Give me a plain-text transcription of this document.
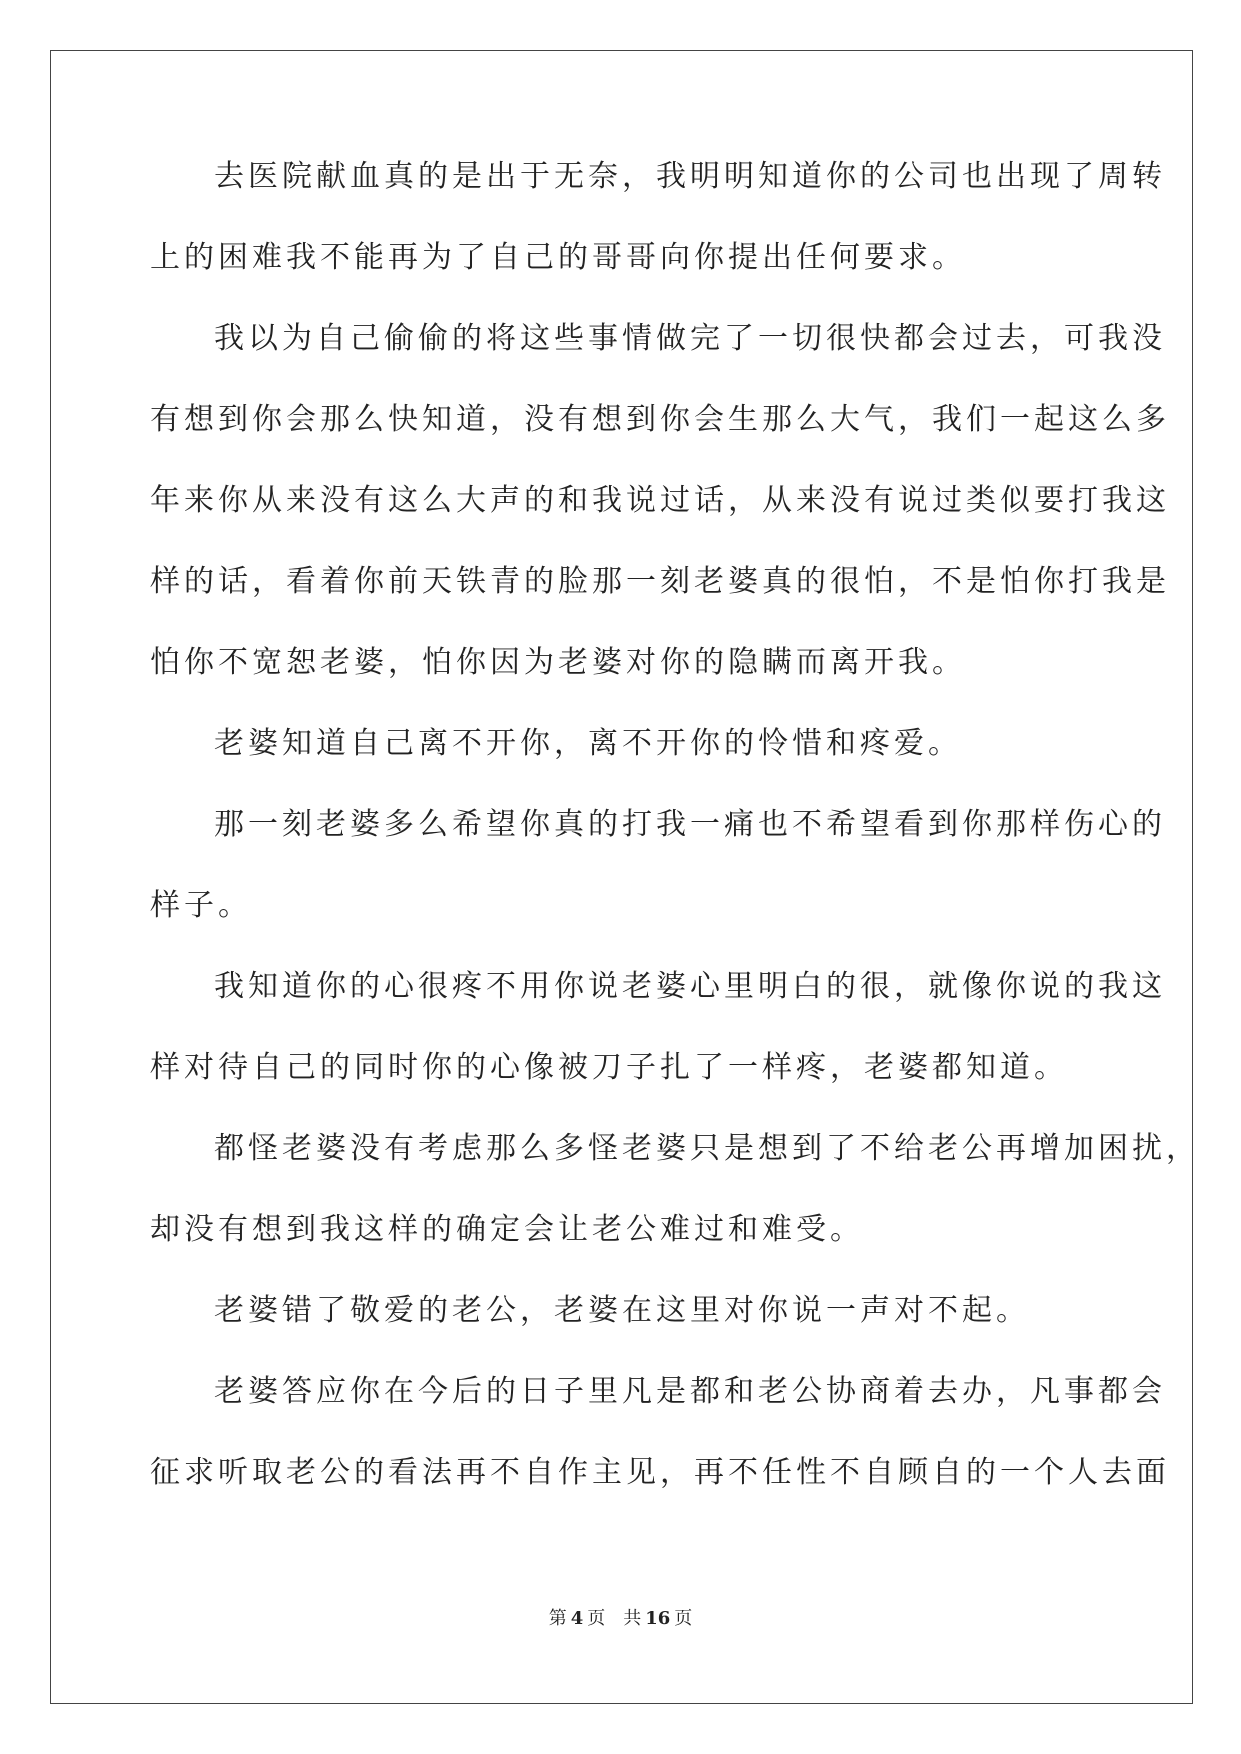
去医院献血真的是出于无奈，我明明知道你的公司也出现了周转
上的困难我不能再为了自己的哥哥向你提出任何要求。
我以为自己偷偷的将这些事情做完了一切很快都会过去，可我没
有想到你会那么快知道，没有想到你会生那么大气，我们一起这么多
年来你从来没有这么大声的和我说过话，从来没有说过类似要打我这
样的话，看着你前天铁青的脸那一刻老婆真的很怕，不是怕你打我是
怕你不宽恕老婆，怕你因为老婆对你的隐瞒而离开我。
老婆知道自己离不开你，离不开你的怜惜和疼爱。
那一刻老婆多么希望你真的打我一痛也不希望看到你那样伤心的
样子。
我知道你的心很疼不用你说老婆心里明白的很，就像你说的我这
样对待自己的同时你的心像被刀子扎了一样疼，老婆都知道。
都怪老婆没有考虑那么多怪老婆只是想到了不给老公再增加困扰，
却没有想到我这样的确定会让老公难过和难受。
老婆错了敬爱的老公，老婆在这里对你说一声对不起。
老婆答应你在今后的日子里凡是都和老公协商着去办，凡事都会
征求听取老公的看法再不自作主见，再不任性不自顾自的一个人去面
第 4 页 共 16 页
